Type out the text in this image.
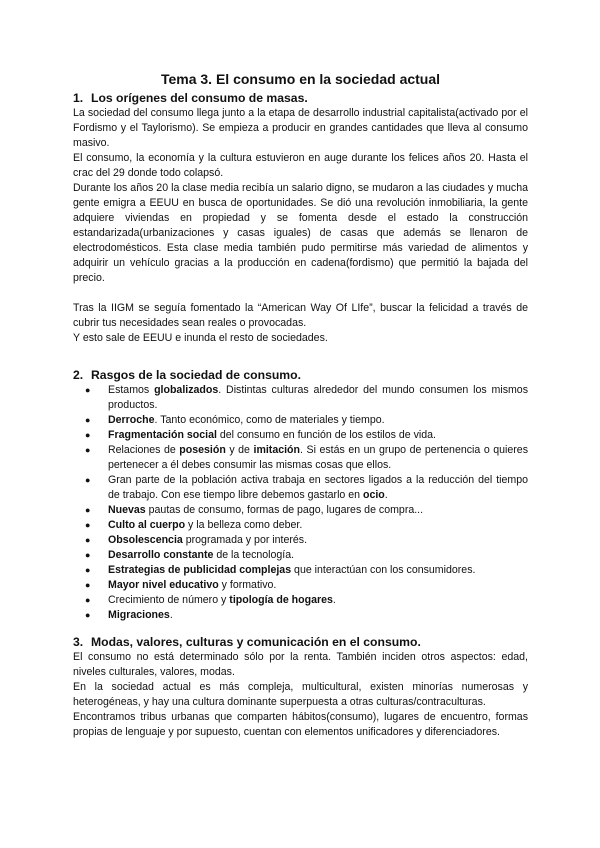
Tema 3. El consumo en la sociedad actual
1. Los orígenes del consumo de masas.

La sociedad del consumo llega junto a la etapa de desarrollo industrial capitalista(activado por el Fordismo y el Taylorismo). Se empieza a producir en grandes cantidades que lleva al consumo masivo.

El consumo, la economía y la cultura estuvieron en auge durante los felices años 20. Hasta el crac del 29 donde todo colapsó.

Durante los años 20 la clase media recibía un salario digno, se mudaron a las ciudades y mucha gente emigra a EEUU en busca de oportunidades. Se dió una revolución inmobiliaria, la gente adquiere viviendas en propiedad y se fomenta desde el estado la construcción estandarizada(urbanizaciones y casas iguales) de casas que además se llenaron de electrodomésticos. Esta clase media también pudo permitirse más variedad de alimentos y adquirir un vehículo gracias a la producción en cadena(fordismo) que permitió la bajada del precio.

Tras la IIGM se seguía fomentado la “American Way Of LIfe”, buscar la felicidad a través de cubrir tus necesidades sean reales o provocadas.

Y esto sale de EEUU e inunda el resto de sociedades.

2. Rasgos de la sociedad de consumo.
● Estamos globalizados. Distintas culturas alrededor del mundo consumen los mismos productos.
● Derroche. Tanto económico, como de materiales y tiempo.
● Fragmentación social del consumo en función de los estilos de vida.
● Relaciones de posesión y de imitación. Si estás en un grupo de pertenencia o quieres pertenecer a él debes consumir las mismas cosas que ellos.
● Gran parte de la población activa trabaja en sectores ligados a la reducción del tiempo de trabajo. Con ese tiempo libre debemos gastarlo en ocio.
● Nuevas pautas de consumo, formas de pago, lugares de compra...
● Culto al cuerpo y la belleza como deber.
● Obsolescencia programada y por interés.
● Desarrollo constante de la tecnología.
● Estrategias de publicidad complejas que interactúan con los consumidores.
● Mayor nivel educativo y formativo.
● Crecimiento de número y tipología de hogares.
● Migraciones.
3. Modas, valores, culturas y comunicación en el consumo.

El consumo no está determinado sólo por la renta. También inciden otros aspectos: edad, niveles culturales, valores, modas.

En la sociedad actual es más compleja, multicultural, existen minorías numerosas y heterogéneas, y hay una cultura dominante superpuesta a otras culturas/contraculturas.

Encontramos tribus urbanas que comparten hábitos(consumo), lugares de encuentro, formas propias de lenguaje y por supuesto, cuentan con elementos unificadores y diferenciadores.
